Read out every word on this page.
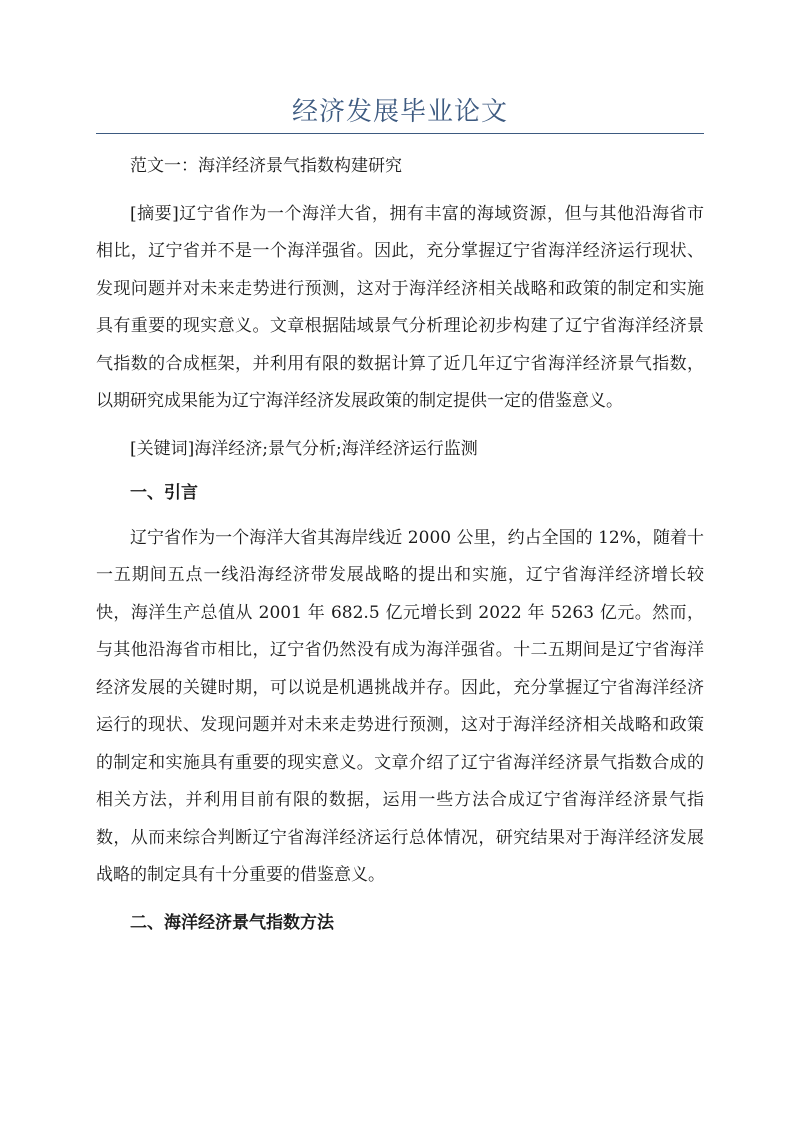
经济发展毕业论文

范文一：海洋经济景气指数构建研究

[摘要]辽宁省作为一个海洋大省，拥有丰富的海域资源，但与其他沿海省市相比，辽宁省并不是一个海洋强省。因此，充分掌握辽宁省海洋经济运行现状、发现问题并对未来走势进行预测，这对于海洋经济相关战略和政策的制定和实施具有重要的现实意义。文章根据陆域景气分析理论初步构建了辽宁省海洋经济景气指数的合成框架，并利用有限的数据计算了近几年辽宁省海洋经济景气指数，以期研究成果能为辽宁海洋经济发展政策的制定提供一定的借鉴意义。

[关键词]海洋经济;景气分析;海洋经济运行监测

一、引言

辽宁省作为一个海洋大省其海岸线近 2000 公里，约占全国的 12%，随着十一五期间五点一线沿海经济带发展战略的提出和实施，辽宁省海洋经济增长较快，海洋生产总值从 2001 年 682.5 亿元增长到 2022 年 5263 亿元。然而，与其他沿海省市相比，辽宁省仍然没有成为海洋强省。十二五期间是辽宁省海洋经济发展的关键时期，可以说是机遇挑战并存。因此，充分掌握辽宁省海洋经济运行的现状、发现问题并对未来走势进行预测，这对于海洋经济相关战略和政策的制定和实施具有重要的现实意义。文章介绍了辽宁省海洋经济景气指数合成的相关方法，并利用目前有限的数据，运用一些方法合成辽宁省海洋经济景气指数，从而来综合判断辽宁省海洋经济运行总体情况，研究结果对于海洋经济发展战略的制定具有十分重要的借鉴意义。

二、海洋经济景气指数方法
